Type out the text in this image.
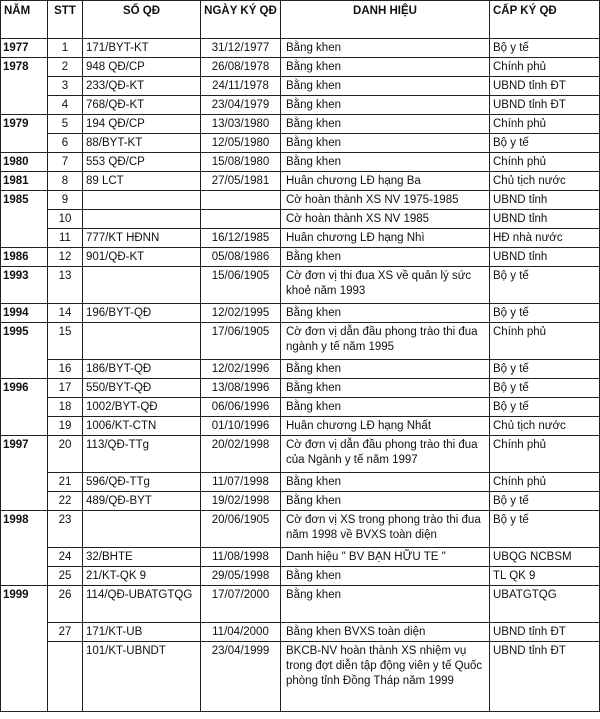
NĂM	STT	SỐ QĐ	NGÀY KÝ QĐ	DANH HIỆU	CẤP KÝ QĐ
1977	1	171/BYT-KT	31/12/1977	Bằng khen	Bộ y tế
1978	2	948 QĐ/CP	26/08/1978	Bằng khen	Chính phủ
	3	233/QĐ-KT	24/11/1978	Bằng khen	UBND tỉnh ĐT
	4	768/QĐ-KT	23/04/1979	Bằng khen	UBND tỉnh ĐT
1979	5	194 QĐ/CP	13/03/1980	Bằng khen	Chính phủ
	6	88/BYT-KT	12/05/1980	Bằng khen	Bộ y tế
1980	7	553 QĐ/CP	15/08/1980	Bằng khen	Chính phủ
1981	8	89 LCT	27/05/1981	Huân chương LĐ hạng Ba	Chủ tịch nước
1985	9			Cờ hoàn thành XS NV 1975-1985	UBND tỉnh
	10			Cờ hoàn thành XS NV 1985	UBND tỉnh
	11	777/KT HĐNN	16/12/1985	Huân chương LĐ hạng Nhì	HĐ nhà nước
1986	12	901/QĐ-KT	05/08/1986	Bằng khen	UBND tỉnh
1993	13		15/06/1905	Cờ đơn vị thi đua XS về quản lý sức khoẻ năm 1993	Bộ y tế
1994	14	196/BYT-QĐ	12/02/1995	Bằng khen	Bộ y tế
1995	15		17/06/1905	Cờ đơn vị dẫn đầu phong trào thi đua ngành y tế năm 1995	Chính phủ
	16	186/BYT-QĐ	12/02/1996	Bằng khen	Bộ y tế
1996	17	550/BYT-QĐ	13/08/1996	Bằng khen	Bộ y tế
	18	1002/BYT-QĐ	06/06/1996	Bằng khen	Bộ y tế
	19	1006/KT-CTN	01/10/1996	Huân chương LĐ hạng Nhất	Chủ tịch nước
1997	20	113/QĐ-TTg	20/02/1998	Cờ đơn vị dẫn đầu phong trào thi đua của Ngành y tế năm 1997	Chính phủ
	21	596/QĐ-TTg	11/07/1998	Bằng khen	Chính phủ
	22	489/QĐ-BYT	19/02/1998	Bằng khen	Bộ y tế
1998	23		20/06/1905	Cờ đơn vị XS trong phong trào thi đua năm 1998 về BVXS toàn diện	Bộ y tế
	24	32/BHTE	11/08/1998	Danh hiệu " BV BẠN HỮU TE "	UBQG NCBSM
	25	21/KT-QK 9	29/05/1998	Bằng khen	TL QK 9
1999	26	114/QĐ-UBATGTQG	17/07/2000	Bằng khen	UBATGTQG
	27	171/KT-UB	11/04/2000	Bằng khen BVXS toàn diện	UBND tỉnh ĐT
		101/KT-UBNDT	23/04/1999	BKCB-NV hoàn thành XS nhiệm vụ trong đợt diễn tập động viên y tế Quốc phòng tỉnh Đồng Tháp năm 1999	UBND tỉnh ĐT
